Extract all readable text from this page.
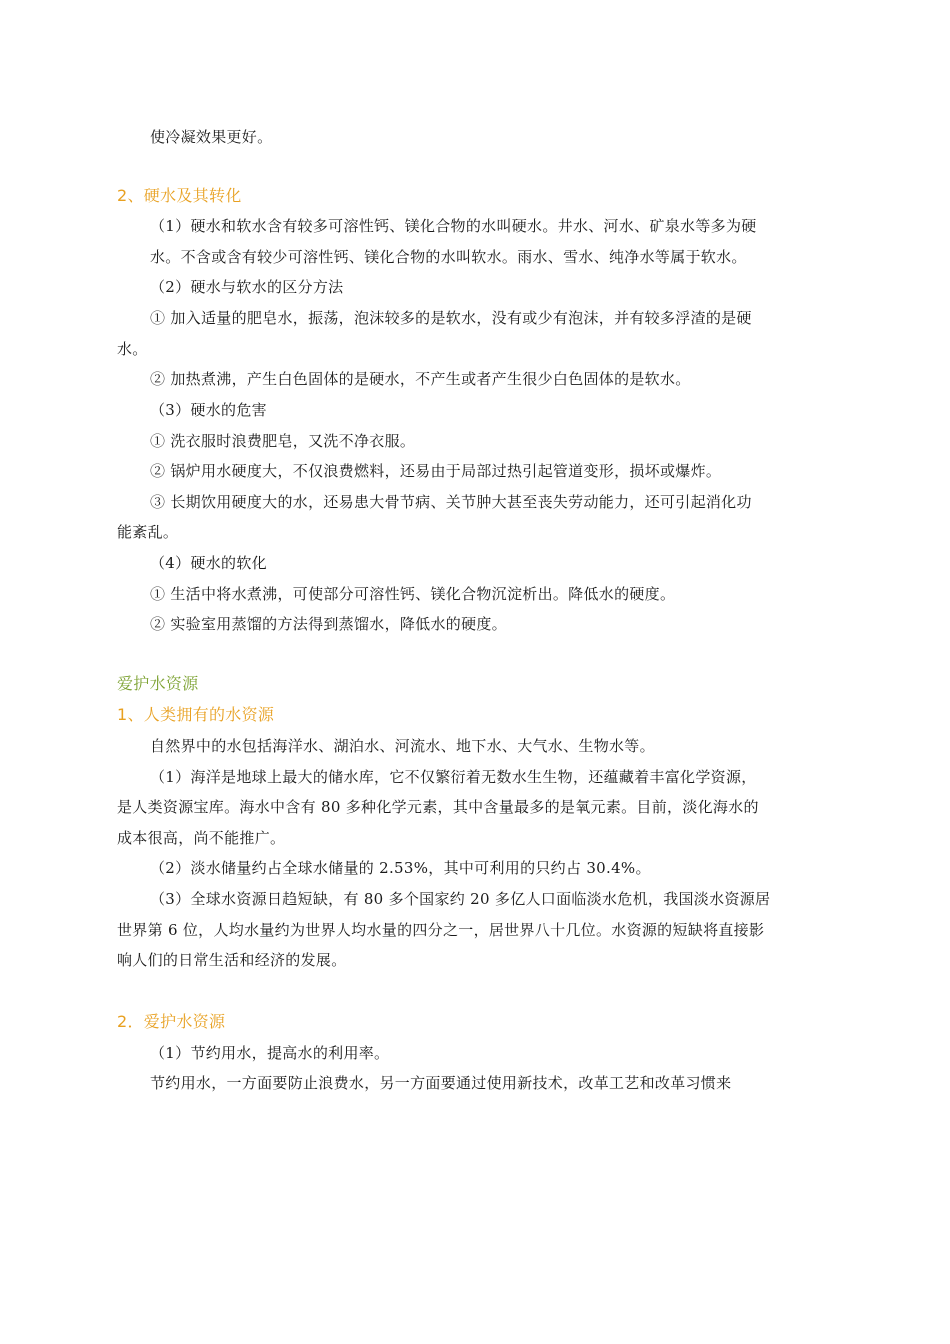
使冷凝效果更好。
2、硬水及其转化
（1）硬水和软水含有较多可溶性钙、镁化合物的水叫硬水。井水、河水、矿泉水等多为硬
水。不含或含有较少可溶性钙、镁化合物的水叫软水。雨水、雪水、纯净水等属于软水。
（2）硬水与软水的区分方法
① 加入适量的肥皂水，振荡，泡沫较多的是软水，没有或少有泡沫，并有较多浮渣的是硬
水。
② 加热煮沸，产生白色固体的是硬水，不产生或者产生很少白色固体的是软水。
（3）硬水的危害
① 洗衣服时浪费肥皂，又洗不净衣服。
② 锅炉用水硬度大，不仅浪费燃料，还易由于局部过热引起管道变形，损坏或爆炸。
③ 长期饮用硬度大的水，还易患大骨节病、关节肿大甚至丧失劳动能力，还可引起消化功
能紊乱。
（4）硬水的软化
① 生活中将水煮沸，可使部分可溶性钙、镁化合物沉淀析出。降低水的硬度。
② 实验室用蒸馏的方法得到蒸馏水，降低水的硬度。
爱护水资源
1、人类拥有的水资源
自然界中的水包括海洋水、湖泊水、河流水、地下水、大气水、生物水等。
（1）海洋是地球上最大的储水库，它不仅繁衍着无数水生生物，还蕴藏着丰富化学资源，
是人类资源宝库。海水中含有 80 多种化学元素，其中含量最多的是氧元素。目前，淡化海水的
成本很高，尚不能推广。
（2）淡水储量约占全球水储量的 2.53%，其中可利用的只约占 30.4%。
（3）全球水资源日趋短缺，有 80 多个国家约 20 多亿人口面临淡水危机，我国淡水资源居
世界第 6 位，人均水量约为世界人均水量的四分之一，居世界八十几位。水资源的短缺将直接影
响人们的日常生活和经济的发展。
2．爱护水资源
（1）节约用水，提高水的利用率。
节约用水，一方面要防止浪费水，另一方面要通过使用新技术，改革工艺和改革习惯来
